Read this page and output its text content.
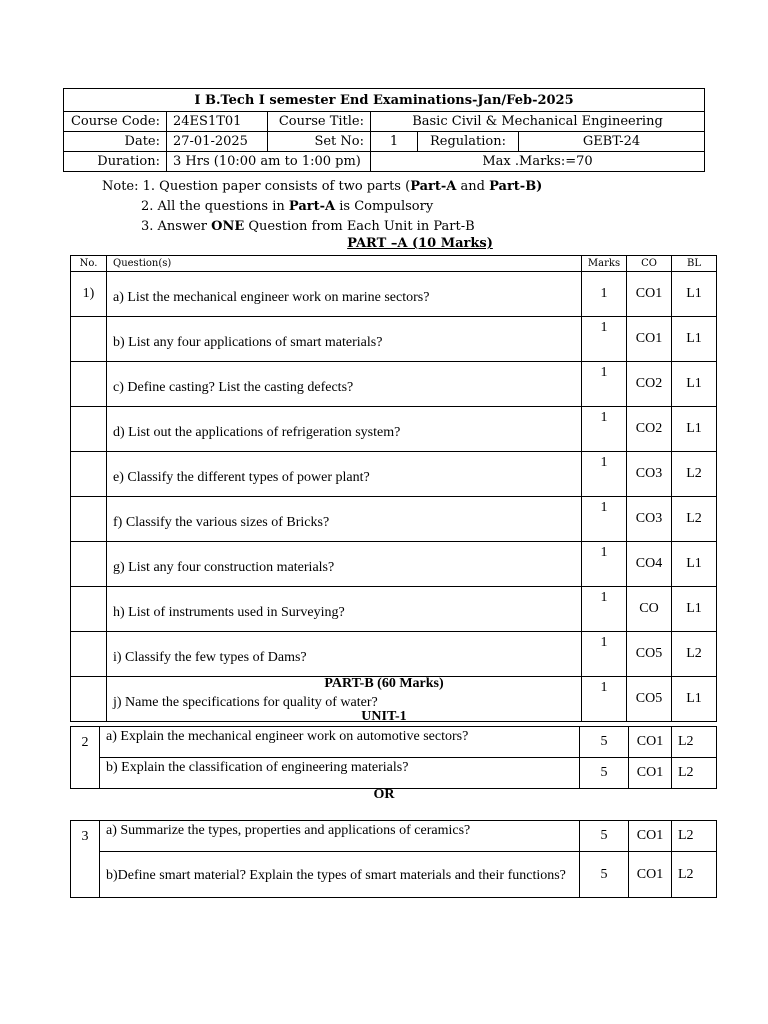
I B.Tech I semester End Examinations-Jan/Feb-2025					
Course Code:	24ES1T01	Course Title:	Basic Civil & Mechanical Engineering		
Date:	27-01-2025	Set No:	1	Regulation:	GEBT-24
Duration:	3 Hrs (10:00 am to 1:00 pm)		Max .Marks:=70		
Note: 1. Question paper consists of two parts (Part-A and Part-B)
2. All the questions in Part-A is Compulsory
3. Answer ONE Question from Each Unit in Part-B
PART –A (10 Marks)
No.	Question(s)	Marks	CO	BL
1)	a) List the mechanical engineer work on marine sectors?	1	CO1	L1
	b) List any four applications of smart materials?	1	CO1	L1
	c) Define casting? List the casting defects?	1	CO2	L1
	d) List out the applications of refrigeration system?	1	CO2	L1
	e) Classify the different types of power plant?	1	CO3	L2
	f) Classify the various sizes of Bricks?	1	CO3	L2
	g) List any four construction materials?	1	CO4	L1
	h) List of instruments used in Surveying?	1	CO	L1
	i) Classify the few types of Dams?	1	CO5	L2
	j) Name the specifications for quality of water?	1	CO5	L1
PART-B (60 Marks)
UNIT-1
2	a) Explain the mechanical engineer work on automotive sectors?	5	CO1	L2
	b) Explain the classification of engineering materials?	5	CO1	L2
OR
3	a) Summarize the types, properties and applications of ceramics?	5	CO1	L2
	b)Define smart material? Explain the types of smart materials and their functions?	5	CO1	L2
